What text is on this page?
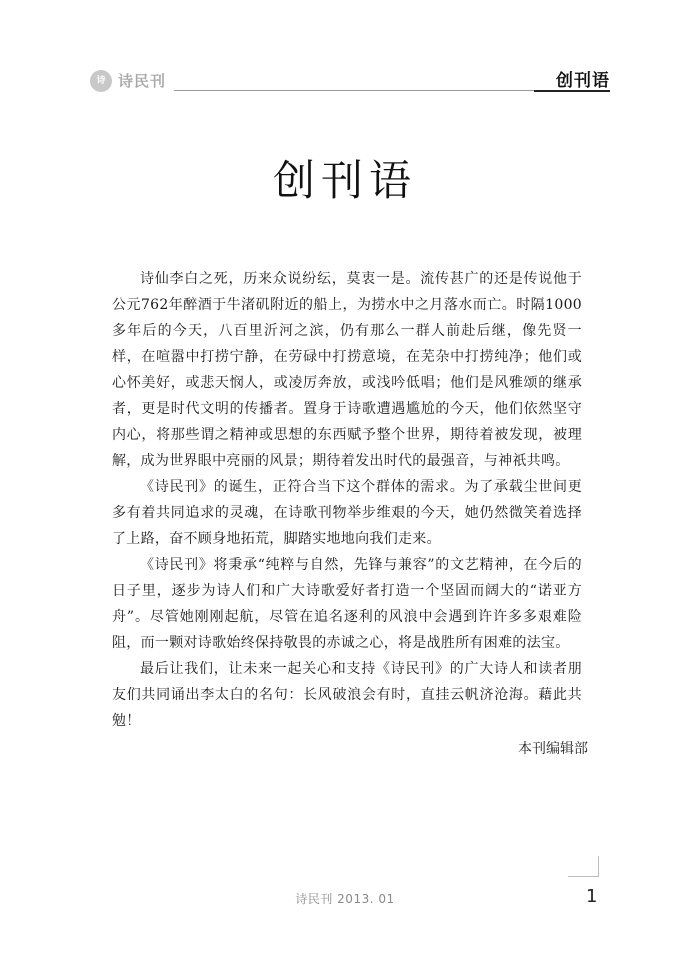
诗 诗民刊	创刊语
创刊语

诗仙李白之死，历来众说纷纭，莫衷一是。流传甚广的还是传说他于公元762年醉酒于牛渚矶附近的船上，为捞水中之月落水而亡。时隔1000多年后的今天，八百里沂河之滨，仍有那么一群人前赴后继，像先贤一样，在喧嚣中打捞宁静，在劳碌中打捞意境，在芜杂中打捞纯净；他们或心怀美好，或悲天悯人，或凌厉奔放，或浅吟低唱；他们是风雅颂的继承者，更是时代文明的传播者。置身于诗歌遭遇尴尬的今天，他们依然坚守内心，将那些谓之精神或思想的东西赋予整个世界，期待着被发现，被理解，成为世界眼中亮丽的风景；期待着发出时代的最强音，与神祇共鸣。

《诗民刊》的诞生，正符合当下这个群体的需求。为了承载尘世间更多有着共同追求的灵魂，在诗歌刊物举步维艰的今天，她仍然微笑着选择了上路，奋不顾身地拓荒，脚踏实地地向我们走来。

《诗民刊》将秉承“纯粹与自然，先锋与兼容”的文艺精神，在今后的日子里，逐步为诗人们和广大诗歌爱好者打造一个坚固而阔大的“诺亚方舟”。尽管她刚刚起航，尽管在追名逐利的风浪中会遇到许许多多艰难险阻，而一颗对诗歌始终保持敬畏的赤诚之心，将是战胜所有困难的法宝。

最后让我们，让未来一起关心和支持《诗民刊》的广大诗人和读者朋友们共同诵出李太白的名句：长风破浪会有时，直挂云帆济沧海。藉此共勉！

本刊编辑部
诗民刊 2013. 01	1
